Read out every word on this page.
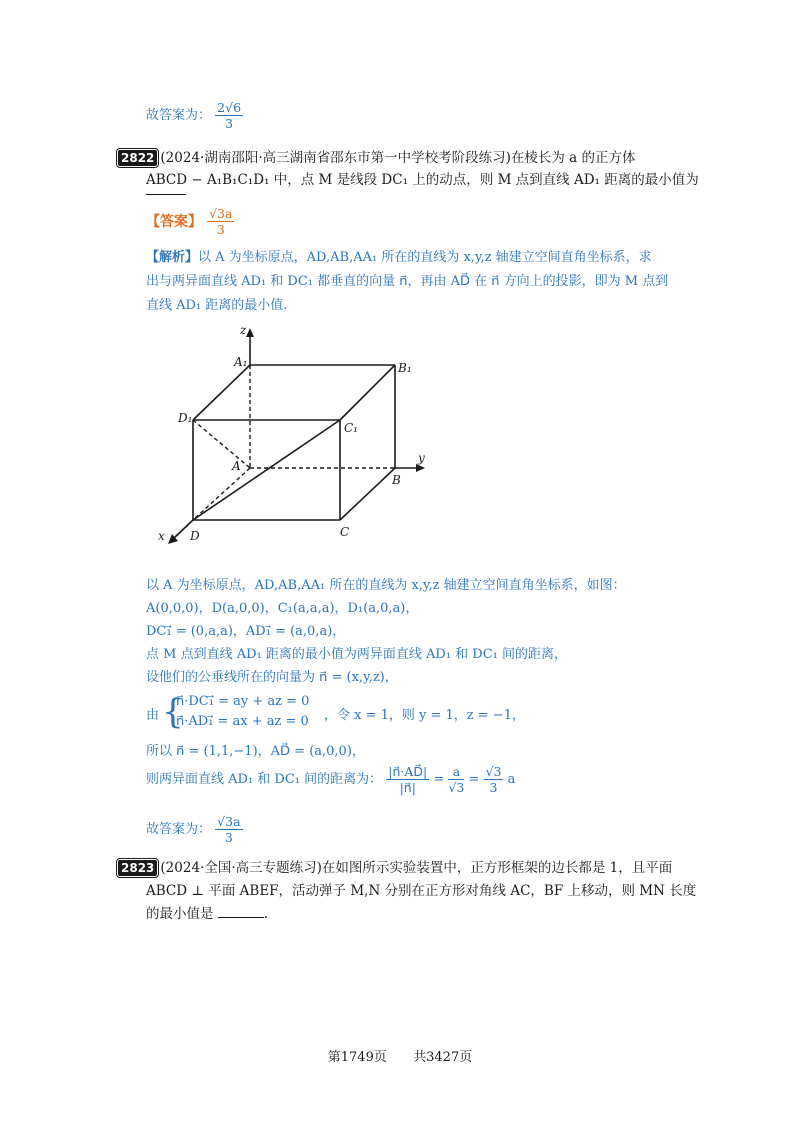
故答案为： $\frac{2√6}{3}$
2822 (2024·湖南邵阳·高三湖南省邵东市第一中学校考阶段练习)在棱长为 a 的正方体
ABCD − A₁B₁C₁D₁ 中，点 M 是线段 DC₁ 上的动点，则 M 点到直线 AD₁ 距离的最小值为
【答案】 $\frac{√3a}{3}$
【解析】以 A 为坐标原点，AD,AB,AA₁ 所在的直线为 x,y,z 轴建立空间直角坐标系，求
出与两异面直线 AD₁ 和 DC₁ 都垂直的向量 n⃗，再由 AD⃗ 在 n⃗ 方向上的投影，即为 M 点到
直线 AD₁ 距离的最小值.
z
y
x
A₁	B₁
C₁
D₁
A
B
C
D
以 A 为坐标原点，AD,AB,AA₁ 所在的直线为 x,y,z 轴建立空间直角坐标系，如图：
A(0,0,0)，D(a,0,0)，C₁(a,a,a)，D₁(a,0,a)，
DC₁⃗ = (0,a,a)，AD₁⃗ = (a,0,a)，
点 M 点到直线 AD₁ 距离的最小值为两异面直线 AD₁ 和 DC₁ 间的距离，
设他们的公垂线所在的向量为 n⃗ = (x,y,z)，
由 {
n⃗·DC₁⃗ = ay + az = 0
n⃗·AD₁⃗ = ax + az = 0 ，令 x = 1，则 y = 1，z = −1，
所以 n⃗ = (1,1,−1)，AD⃗ = (a,0,0)，
则两异面直线 AD₁ 和 DC₁ 间的距离为： $\frac{|n⃗\cdot AD⃗|}{|n⃗|} = \frac{a}{√3} = \frac{√3}{3}$ a
故答案为： $\frac{√3a}{3}$
2823 (2024·全国·高三专题练习)在如图所示实验装置中，正方形框架的边长都是 1，且平面
ABCD ⊥ 平面 ABEF，活动弹子 M,N 分别在正方形对角线 AC，BF 上移动，则 MN 长度
的最小值是	.
第1749页 共3427页
